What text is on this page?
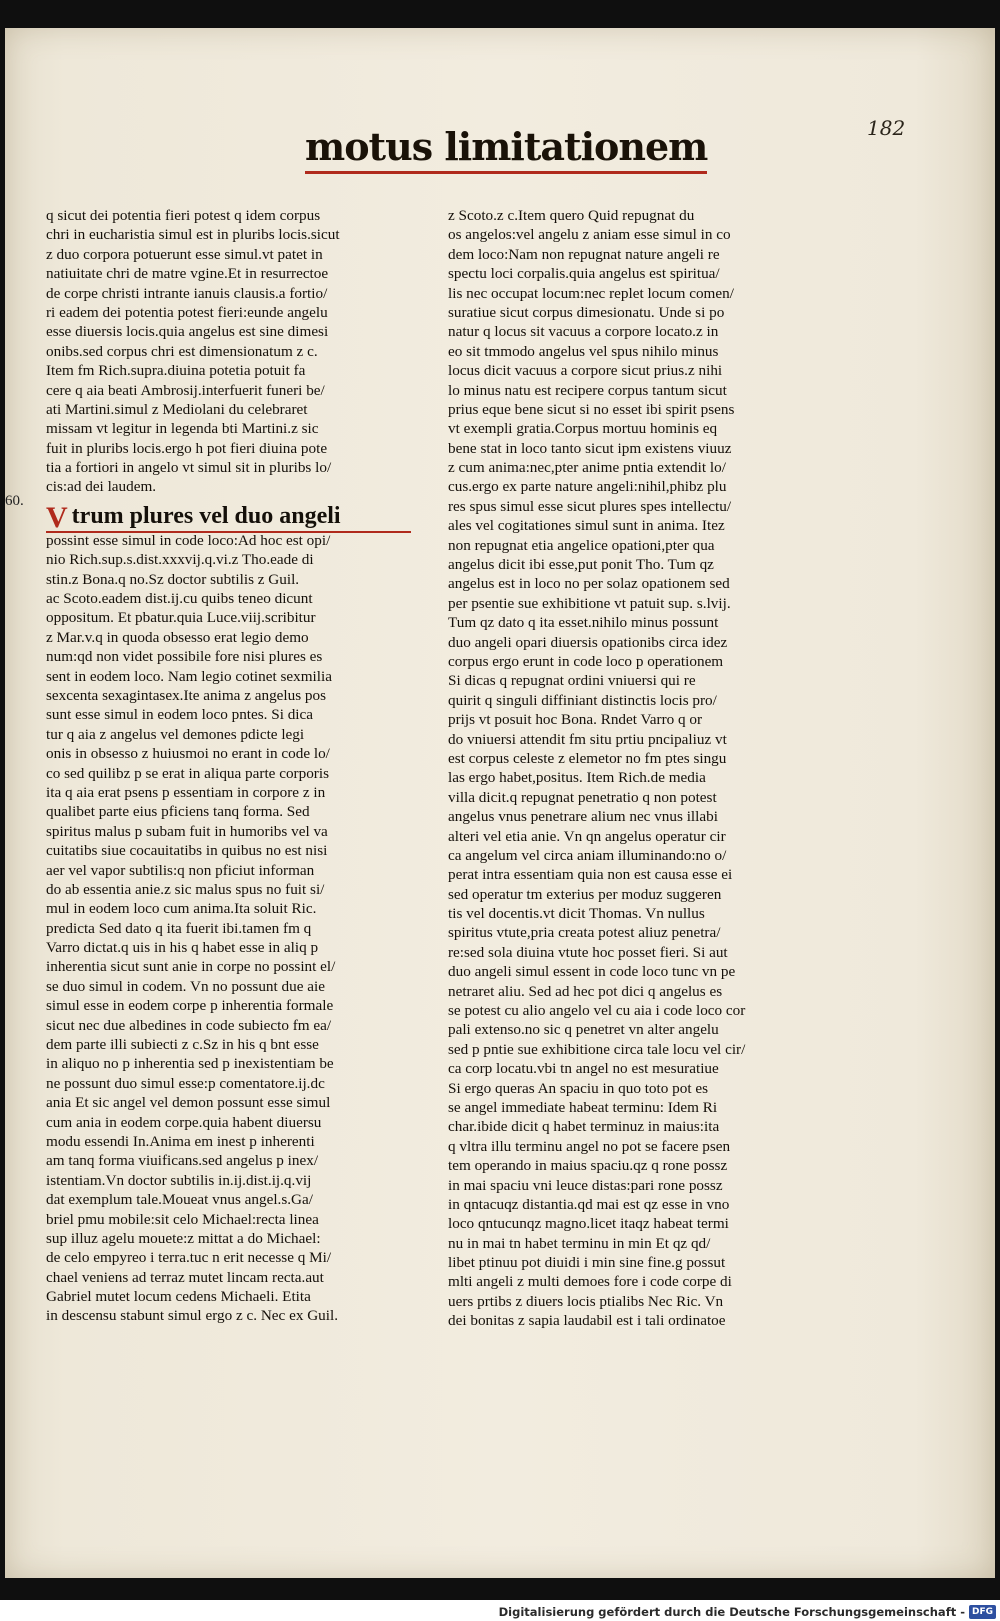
motus limitationem	182
60.
q sicut dei potentia fieri potest q idem corpus
chri in eucharistia simul est in pluribs locis.sicut
z duo corpora potuerunt esse simul.vt patet in
natiuitate chri de matre vgine.Et in resurrectoe
de corpe christi intrante ianuis clausis.a fortio/
ri eadem dei potentia potest fieri:eunde angelu
esse diuersis locis.quia angelus est sine dimesi
onibs.sed corpus chri est dimensionatum z c.
Item fm Rich.supra.diuina potetia potuit fa
cere q aia beati Ambrosij.interfuerit funeri be/
ati Martini.simul z Mediolani du celebraret
missam vt legitur in legenda bti Martini.z sic
fuit in pluribs locis.ergo h pot fieri diuina pote
tia a fortiori in angelo vt simul sit in pluribs lo/
cis:ad dei laudem.
V trum plures vel duo angeli
possint esse simul in code loco:Ad hoc est opi/
nio Rich.sup.s.dist.xxxvij.q.vi.z Tho.eade di
stin.z Bona.q no.Sz doctor subtilis z Guil.
ac Scoto.eadem dist.ij.cu quibs teneo dicunt
oppositum. Et pbatur.quia Luce.viij.scribitur
z Mar.v.q in quoda obsesso erat legio demo
num:qd non videt possibile fore nisi plures es
sent in eodem loco. Nam legio cotinet sexmilia
sexcenta sexagintasex.Ite anima z angelus pos
sunt esse simul in eodem loco pntes. Si dica
tur q aia z angelus vel demones pdicte legi
onis in obsesso z huiusmoi no erant in code lo/
co sed quilibz p se erat in aliqua parte corporis
ita q aia erat psens p essentiam in corpore z in
qualibet parte eius pficiens tanq forma. Sed
spiritus malus p subam fuit in humoribs vel va
cuitatibs siue cocauitatibs in quibus no est nisi
aer vel vapor subtilis:q non pficiut informan
do ab essentia anie.z sic malus spus no fuit si/
mul in eodem loco cum anima.Ita soluit Ric.
predicta Sed dato q ita fuerit ibi.tamen fm q
Varro dictat.q uis in his q habet esse in aliq p
inherentia sicut sunt anie in corpe no possint el/
se duo simul in codem. Vn no possunt due aie
simul esse in eodem corpe p inherentia formale
sicut nec due albedines in code subiecto fm ea/
dem parte illi subiecti z c.Sz in his q bnt esse
in aliquo no p inherentia sed p inexistentiam be
ne possunt duo simul esse:p comentatore.ij.dc
ania Et sic angel vel demon possunt esse simul
cum ania in eodem corpe.quia habent diuersu
modu essendi In.Anima em inest p inherenti
am tanq forma viuificans.sed angelus p inex/
istentiam.Vn doctor subtilis in.ij.dist.ij.q.vij
dat exemplum tale.Moueat vnus angel.s.Ga/
briel pmu mobile:sit celo Michael:recta linea
sup illuz agelu mouete:z mittat a do Michael:
de celo empyreo i terra.tuc n erit necesse q Mi/
chael veniens ad terraz mutet lincam recta.aut
Gabriel mutet locum cedens Michaeli. Etita
in descensu stabunt simul ergo z c. Nec ex Guil.
z Scoto.z c.Item quero Quid repugnat du
os angelos:vel angelu z aniam esse simul in co
dem loco:Nam non repugnat nature angeli re
spectu loci corpalis.quia angelus est spiritua/
lis nec occupat locum:nec replet locum comen/
suratiue sicut corpus dimesionatu. Unde si po
natur q locus sit vacuus a corpore locato.z in
eo sit tmmodo angelus vel spus nihilo minus
locus dicit vacuus a corpore sicut prius.z nihi
lo minus natu est recipere corpus tantum sicut
prius eque bene sicut si no esset ibi spirit psens
vt exempli gratia.Corpus mortuu hominis eq
bene stat in loco tanto sicut ipm existens viuuz
z cum anima:nec,pter anime pntia extendit lo/
cus.ergo ex parte nature angeli:nihil,phibz plu
res spus simul esse sicut plures spes intellectu/
ales vel cogitationes simul sunt in anima. Itez
non repugnat etia angelice opationi,pter qua
angelus dicit ibi esse,put ponit Tho. Tum qz
angelus est in loco no per solaz opationem sed
per psentie sue exhibitione vt patuit sup. s.lvij.
Tum qz dato q ita esset.nihilo minus possunt
duo angeli opari diuersis opationibs circa idez
corpus ergo erunt in code loco p operationem
Si dicas q repugnat ordini vniuersi qui re
quirit q singuli diffiniant distinctis locis pro/
prijs vt posuit hoc Bona. Rndet Varro q or
do vniuersi attendit fm situ prtiu pncipaliuz vt
est corpus celeste z elemetor no fm ptes singu
las ergo habet,positus. Item Rich.de media
villa dicit.q repugnat penetratio q non potest
angelus vnus penetrare alium nec vnus illabi
alteri vel etia anie. Vn qn angelus operatur cir
ca angelum vel circa aniam illuminando:no o/
perat intra essentiam quia non est causa esse ei
sed operatur tm exterius per moduz suggeren
tis vel docentis.vt dicit Thomas. Vn nullus
spiritus vtute,pria creata potest aliuz penetra/
re:sed sola diuina vtute hoc posset fieri. Si aut
duo angeli simul essent in code loco tunc vn pe
netraret aliu. Sed ad hec pot dici q angelus es
se potest cu alio angelo vel cu aia i code loco cor
pali extenso.no sic q penetret vn alter angelu
sed p pntie sue exhibitione circa tale locu vel cir/
ca corp locatu.vbi tn angel no est mesuratiue
Si ergo queras An spaciu in quo toto pot es
se angel immediate habeat terminu: Idem Ri
char.ibide dicit q habet terminuz in maius:ita
q vltra illu terminu angel no pot se facere psen
tem operando in maius spaciu.qz q rone possz
in mai spaciu vni leuce distas:pari rone possz
in qntacuqz distantia.qd mai est qz esse in vno
loco qntucunqz magno.licet itaqz habeat termi
nu in mai tn habet terminu in min Et qz qd/
libet ptinuu pot diuidi i min sine fine.g possut
mlti angeli z multi demoes fore i code corpe di
uers prtibs z diuers locis ptialibs Nec Ric. Vn
dei bonitas z sapia laudabil est i tali ordinatoe
Digitalisierung gefördert durch die Deutsche Forschungsgemeinschaft - DFG
